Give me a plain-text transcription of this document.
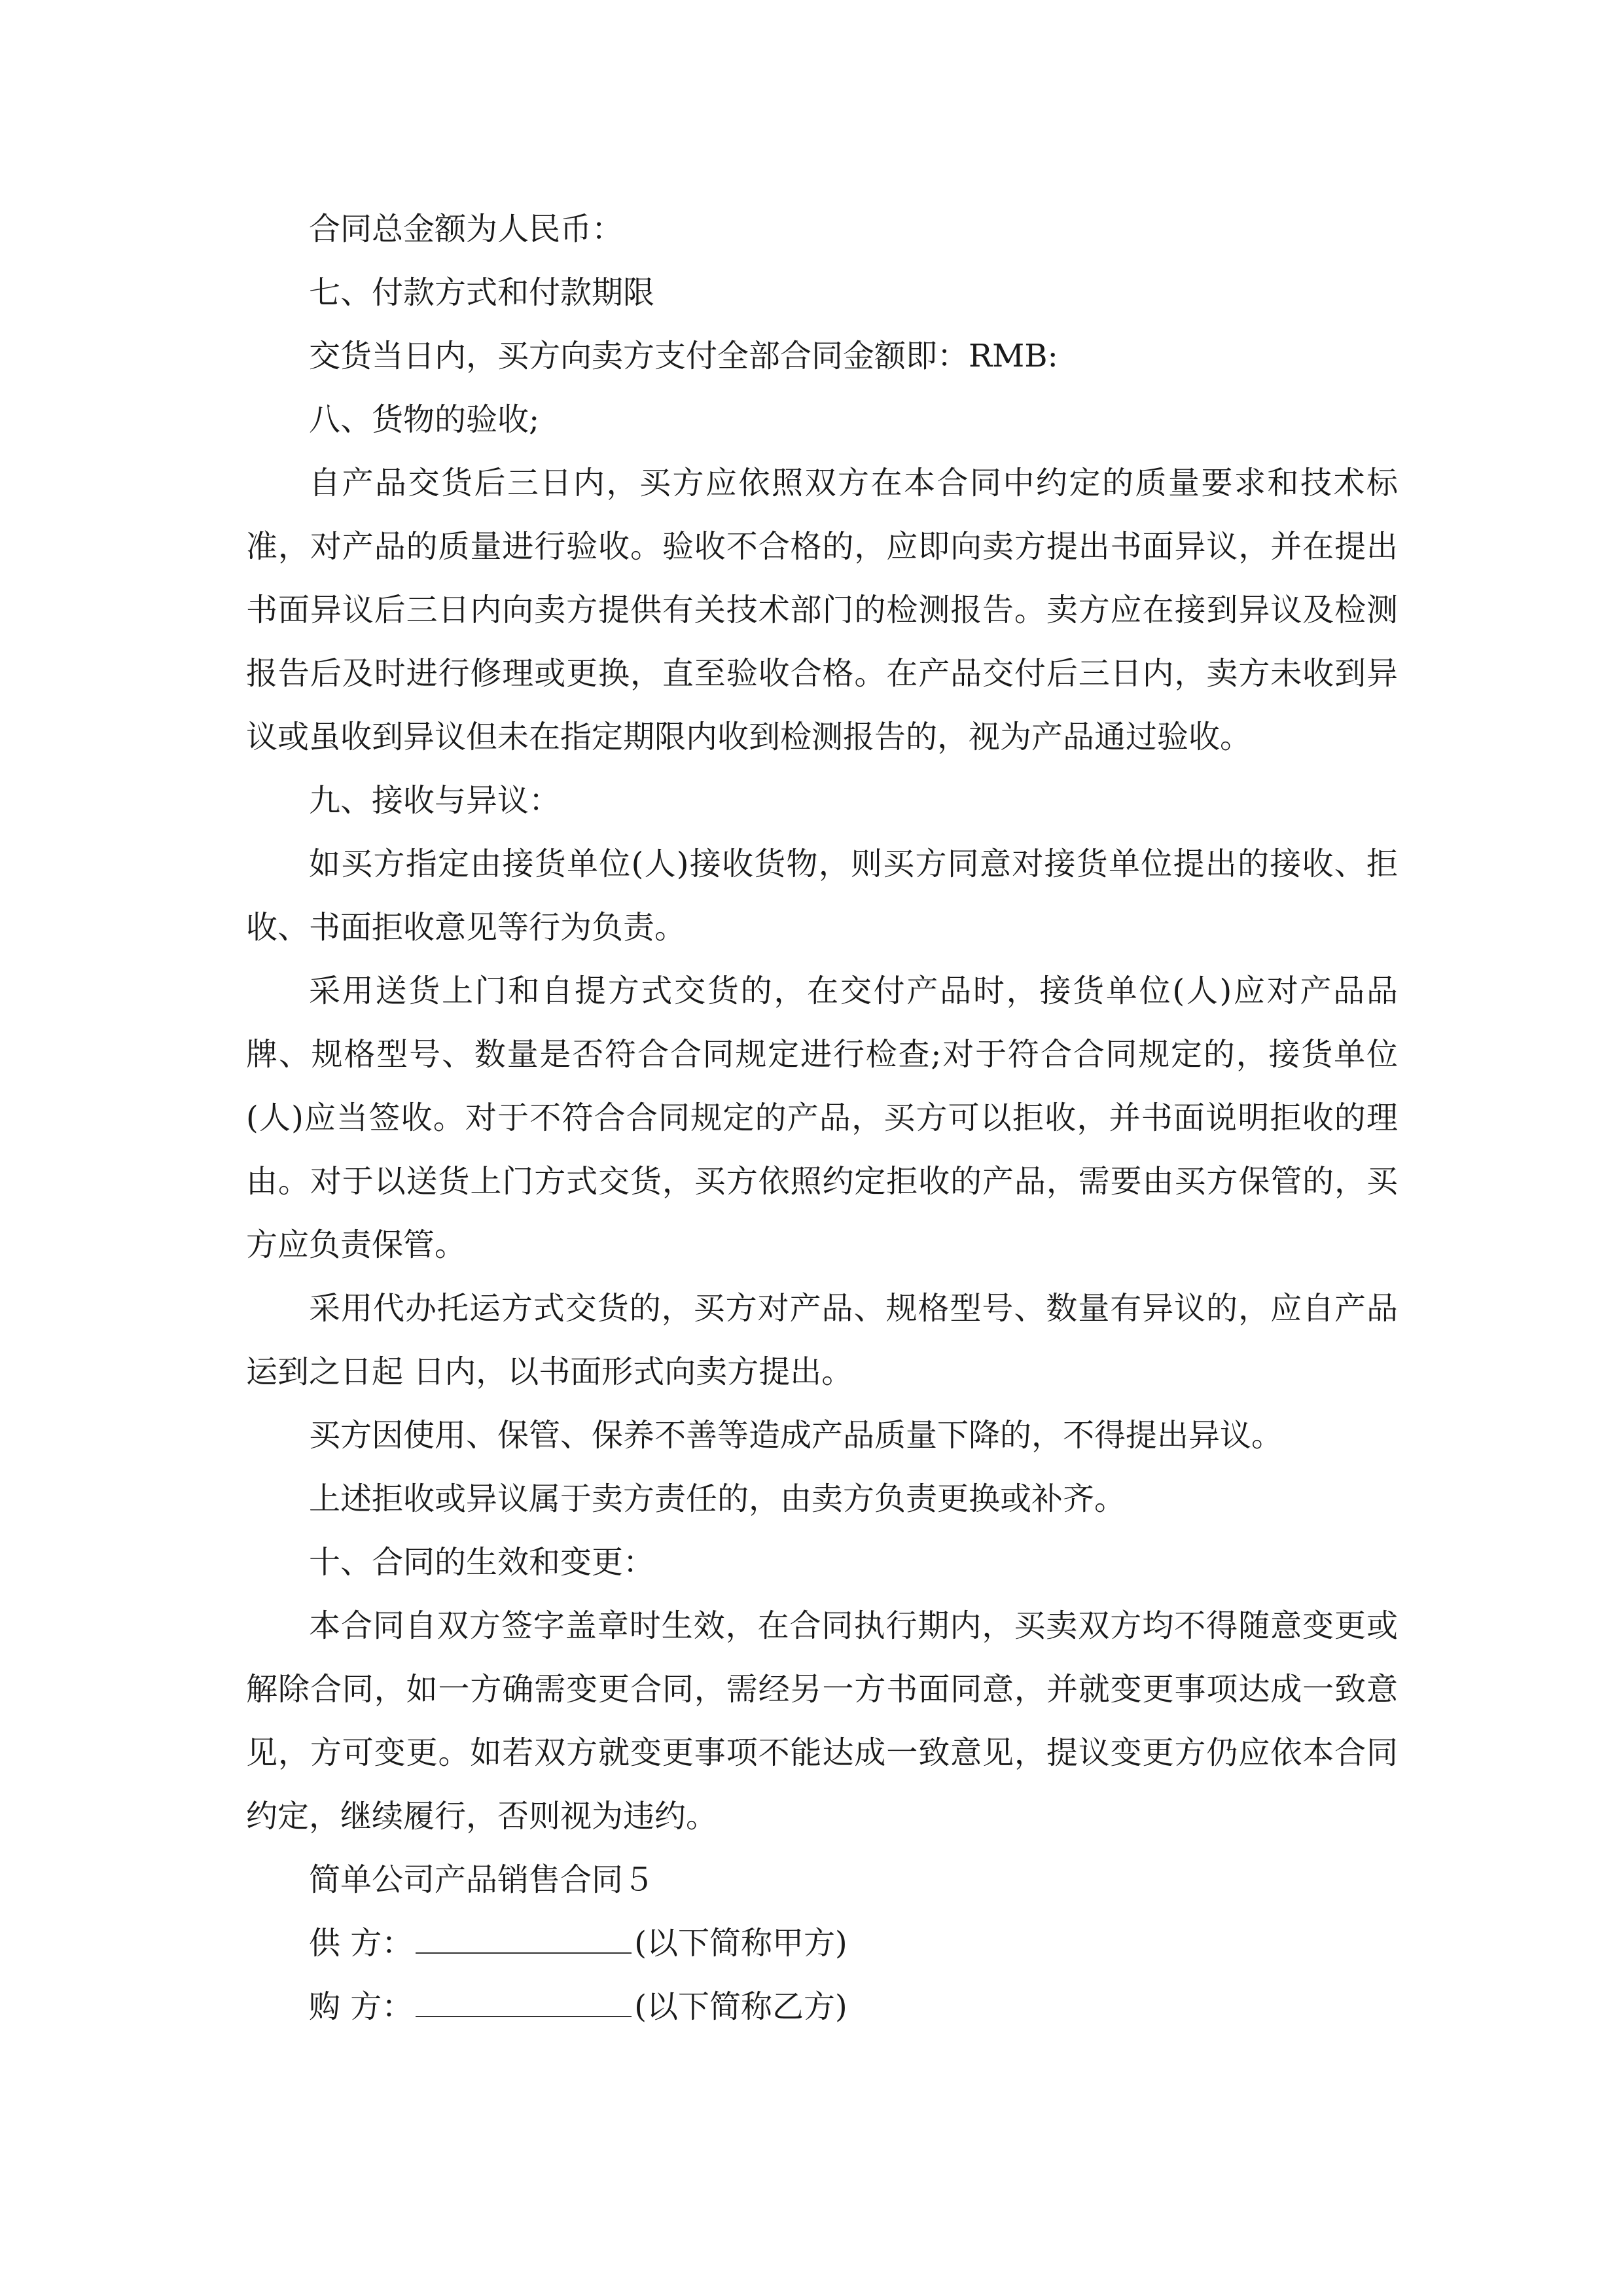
合同总金额为人民币：

七、付款方式和付款期限

交货当日内，买方向卖方支付全部合同金额即：RMB:

八、货物的验收;

自产品交货后三日内，买方应依照双方在本合同中约定的质量要求和技术标准，对产品的质量进行验收。验收不合格的，应即向卖方提出书面异议，并在提出书面异议后三日内向卖方提供有关技术部门的检测报告。卖方应在接到异议及检测报告后及时进行修理或更换，直至验收合格。在产品交付后三日内，卖方未收到异议或虽收到异议但未在指定期限内收到检测报告的，视为产品通过验收。

九、接收与异议：

如买方指定由接货单位(人)接收货物，则买方同意对接货单位提出的接收、拒收、书面拒收意见等行为负责。

采用送货上门和自提方式交货的，在交付产品时，接货单位(人)应对产品品牌、规格型号、数量是否符合合同规定进行检查;对于符合合同规定的，接货单位(人)应当签收。对于不符合合同规定的产品，买方可以拒收，并书面说明拒收的理由。对于以送货上门方式交货，买方依照约定拒收的产品，需要由买方保管的，买方应负责保管。

采用代办托运方式交货的，买方对产品、规格型号、数量有异议的，应自产品运到之日起 日内，以书面形式向卖方提出。

买方因使用、保管、保养不善等造成产品质量下降的，不得提出异议。

上述拒收或异议属于卖方责任的，由卖方负责更换或补齐。

十、合同的生效和变更：

本合同自双方签字盖章时生效，在合同执行期内，买卖双方均不得随意变更或解除合同，如一方确需变更合同，需经另一方书面同意，并就变更事项达成一致意见，方可变更。如若双方就变更事项不能达成一致意见，提议变更方仍应依本合同约定，继续履行，否则视为违约。

简单公司产品销售合同５

供 方：	(以下简称甲方)

购 方：	(以下简称乙方)
